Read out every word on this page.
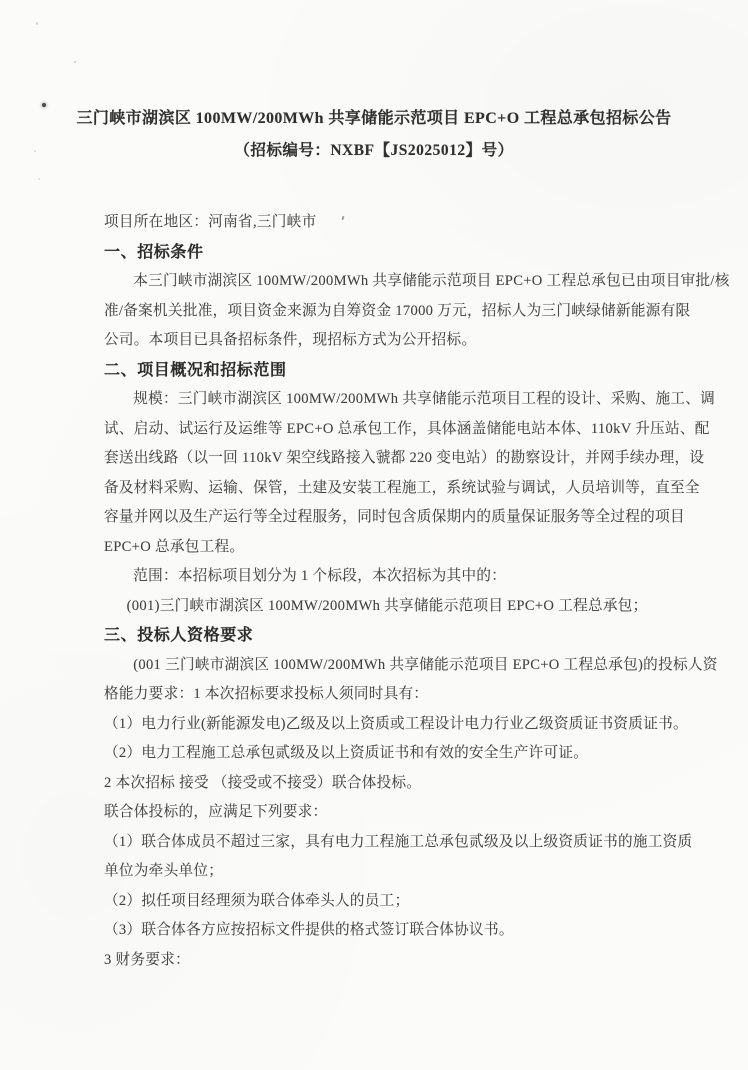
三门峡市湖滨区 100MW/200MWh 共享储能示范项目 EPC+O 工程总承包招标公告
（招标编号：NXBF【JS2025012】号）
项目所在地区：河南省,三门峡市
一、招标条件
本三门峡市湖滨区 100MW/200MWh 共享储能示范项目 EPC+O 工程总承包已由项目审批/核
准/备案机关批准，项目资金来源为自筹资金 17000 万元，招标人为三门峡绿储新能源有限
公司。本项目已具备招标条件，现招标方式为公开招标。
二、项目概况和招标范围
规模：三门峡市湖滨区 100MW/200MWh 共享储能示范项目工程的设计、采购、施工、调
试、启动、试运行及运维等 EPC+O 总承包工作，具体涵盖储能电站本体、110kV 升压站、配
套送出线路（以一回 110kV 架空线路接入虢都 220 变电站）的勘察设计，并网手续办理，设
备及材料采购、运输、保管，土建及安装工程施工，系统试验与调试，人员培训等，直至全
容量并网以及生产运行等全过程服务，同时包含质保期内的质量保证服务等全过程的项目
EPC+O 总承包工程。
范围：本招标项目划分为 1 个标段，本次招标为其中的：
(001)三门峡市湖滨区 100MW/200MWh 共享储能示范项目 EPC+O 工程总承包；
三、投标人资格要求
(001 三门峡市湖滨区 100MW/200MWh 共享储能示范项目 EPC+O 工程总承包)的投标人资
格能力要求：1 本次招标要求投标人须同时具有：
（1）电力行业(新能源发电)乙级及以上资质或工程设计电力行业乙级资质证书资质证书。
（2）电力工程施工总承包贰级及以上资质证书和有效的安全生产许可证。
2 本次招标 接受 （接受或不接受）联合体投标。
联合体投标的，应满足下列要求：
（1）联合体成员不超过三家，具有电力工程施工总承包贰级及以上级资质证书的施工资质
单位为牵头单位；
（2）拟任项目经理须为联合体牵头人的员工；
（3）联合体各方应按招标文件提供的格式签订联合体协议书。
3 财务要求：
